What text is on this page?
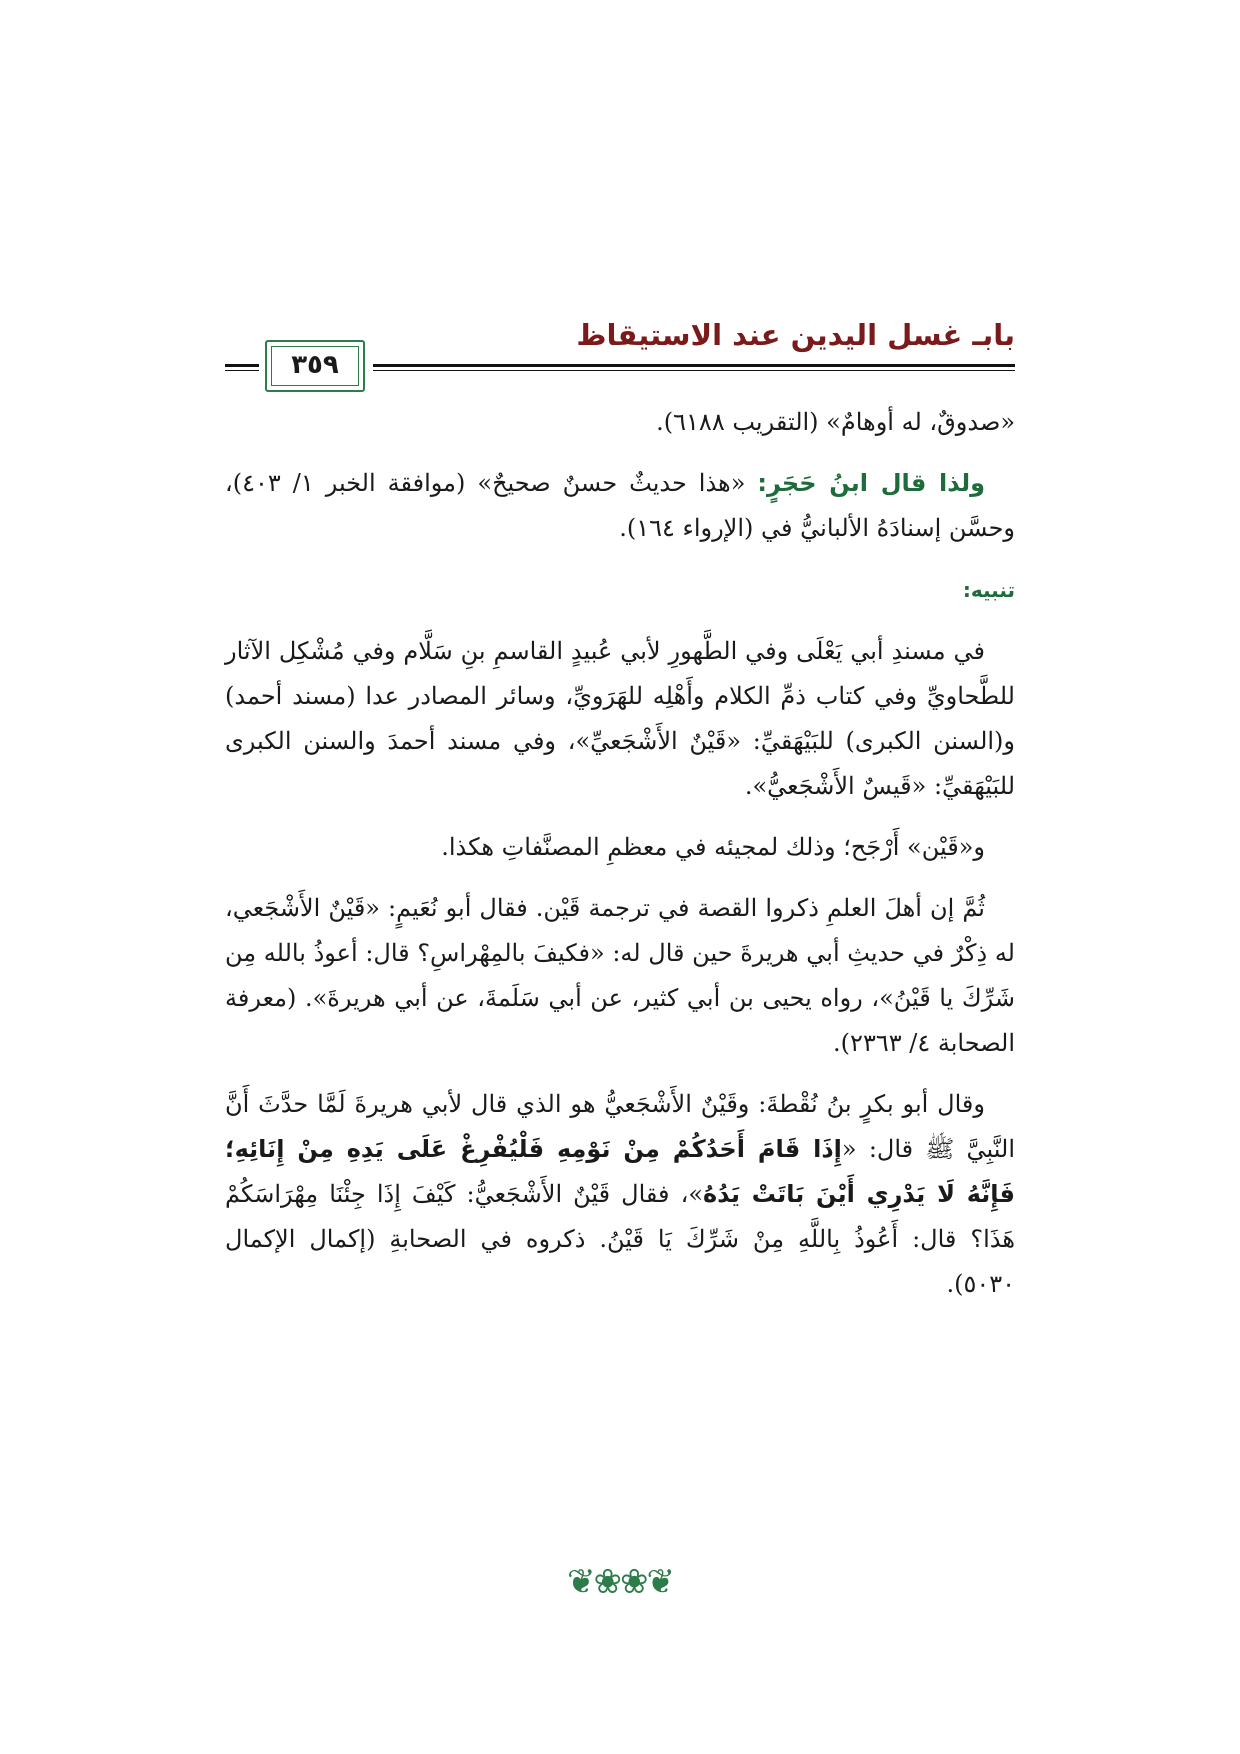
بابـ غسل اليدين عند الاستيقاظ
٣٥٩

«صدوقٌ، له أوهامٌ» (التقريب ٦١٨٨).

ولذا قال ابنُ حَجَرٍ: «هذا حديثٌ حسنٌ صحيحٌ» (موافقة الخبر ١/ ٤٠٣)، وحسَّن إسنادَهُ الألبانيُّ في (الإرواء ١٦٤).

تنبيه:

في مسندِ أبي يَعْلَى وفي الطَّهورِ لأبي عُبيدٍ القاسمِ بنِ سَلَّام وفي مُشْكِل الآثار للطَّحاويِّ وفي كتاب ذمِّ الكلام وأَهْلِه للهَرَويِّ، وسائر المصادر عدا (مسند أحمد) و(السنن الكبرى) للبَيْهَقيِّ: «قَيْنٌ الأَشْجَعيِّ»، وفي مسند أحمدَ والسنن الكبرى للبَيْهَقيِّ: «قَيسٌ الأَشْجَعيُّ».

و«قَيْن» أَرْجَح؛ وذلك لمجيئه في معظمِ المصنَّفاتِ هكذا.

ثُمَّ إن أهلَ العلمِ ذكروا القصة في ترجمة قَيْن. فقال أبو نُعَيمٍ: «قَيْنٌ الأَشْجَعي، له ذِكْرٌ في حديثِ أبي هريرةَ حين قال له: «فكيفَ بالمِهْراسِ؟ قال: أعوذُ بالله مِن شَرِّكَ يا قَيْنُ»، رواه يحيى بن أبي كثير، عن أبي سَلَمةَ، عن أبي هريرةَ». (معرفة الصحابة ٤/ ٢٣٦٣).

وقال أبو بكرٍ بنُ نُقْطةَ: وقَيْنٌ الأَشْجَعيُّ هو الذي قال لأبي هريرةَ لَمَّا حدَّثَ أَنَّ النَّبِيَّ ﷺ قال: «إِذَا قَامَ أَحَدُكُمْ مِنْ نَوْمِهِ فَلْيُفْرِغْ عَلَى يَدِهِ مِنْ إِنَائِهِ؛ فَإِنَّهُ لَا يَدْرِي أَيْنَ بَاتَتْ يَدُهُ»، فقال قَيْنٌ الأَشْجَعيُّ: كَيْفَ إِذَا جِئْنَا مِهْرَاسَكُمْ هَذَا؟ قال: أَعُوذُ بِاللَّهِ مِنْ شَرِّكَ يَا قَيْنُ. ذكروه في الصحابةِ (إكمال الإكمال ٥٠٣٠).

❦❀❀❦
